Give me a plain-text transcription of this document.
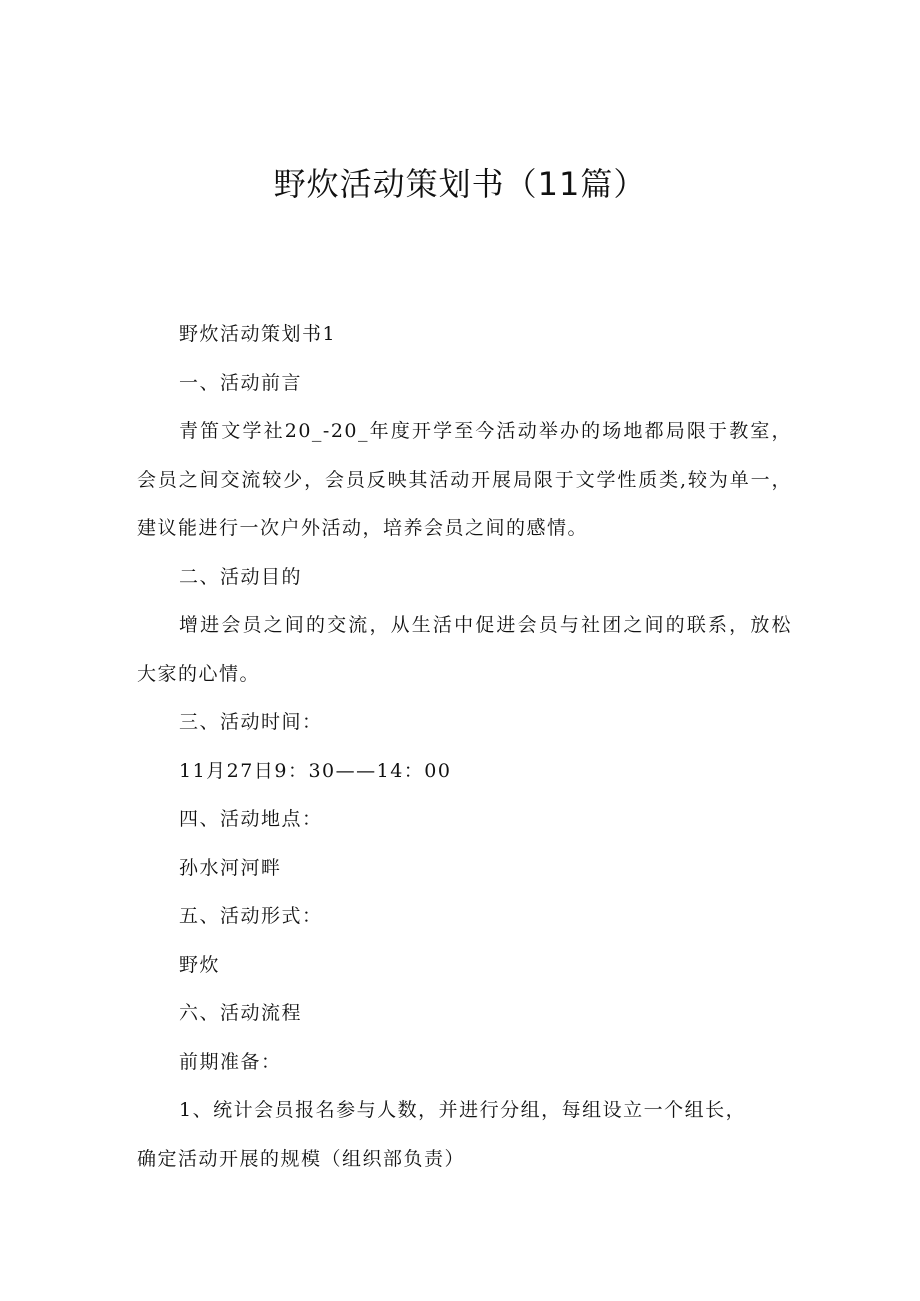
野炊活动策划书（11篇）

野炊活动策划书1

一、活动前言

青笛文学社20_-20_年度开学至今活动举办的场地都局限于教室，会员之间交流较少，会员反映其活动开展局限于文学性质类,较为单一，建议能进行一次户外活动，培养会员之间的感情。

二、活动目的

增进会员之间的交流，从生活中促进会员与社团之间的联系，放松大家的心情。

三、活动时间：

11月27日9：30——14：00

四、活动地点：

孙水河河畔

五、活动形式：

野炊

六、活动流程

前期准备：

1、统计会员报名参与人数，并进行分组，每组设立一个组长，

确定活动开展的规模（组织部负责）
